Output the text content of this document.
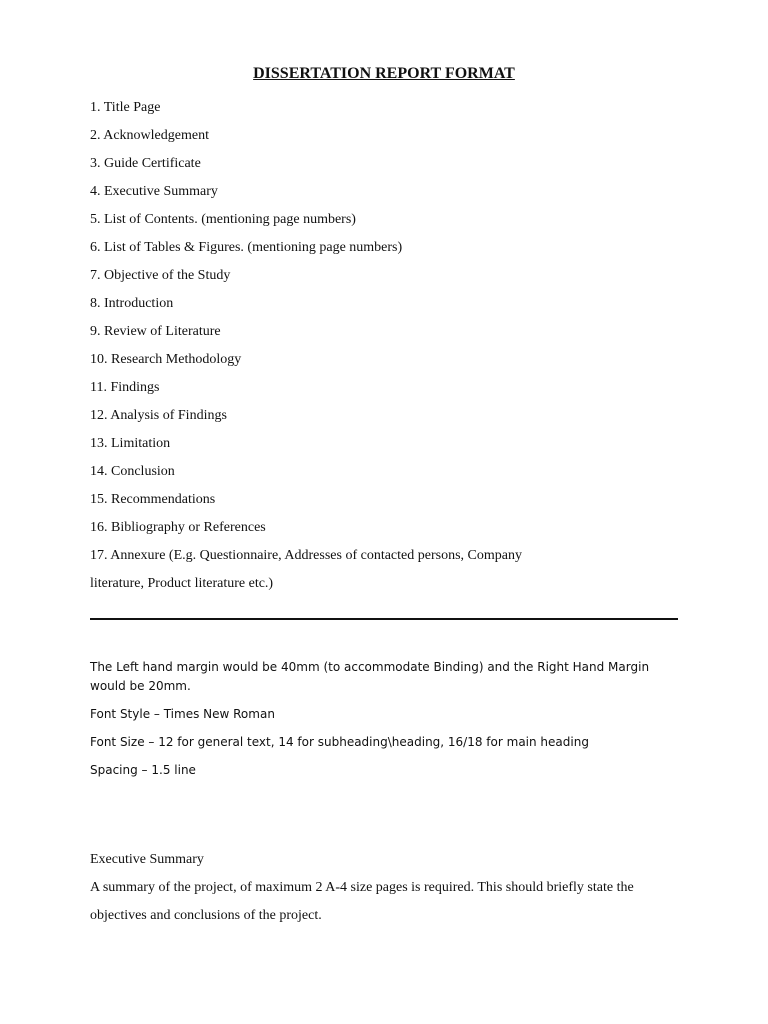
DISSERTATION REPORT FORMAT
1. Title Page
2. Acknowledgement
3. Guide Certificate
4. Executive Summary
5. List of Contents. (mentioning page numbers)
6. List of Tables & Figures. (mentioning page numbers)
7. Objective of the Study
8. Introduction
9. Review of Literature
10. Research Methodology
11. Findings
12. Analysis of Findings
13. Limitation
14. Conclusion
15. Recommendations
16. Bibliography or References
17. Annexure (E.g. Questionnaire, Addresses of contacted persons, Company
literature, Product literature etc.)

The Left hand margin would be 40mm (to accommodate Binding) and the Right Hand Margin would be 20mm.

Font Style – Times New Roman

Font Size – 12 for general text, 14 for subheading\heading, 16/18 for main heading

Spacing – 1.5 line

Executive Summary

A summary of the project, of maximum 2 A-4 size pages is required. This should briefly state the objectives and conclusions of the project.
